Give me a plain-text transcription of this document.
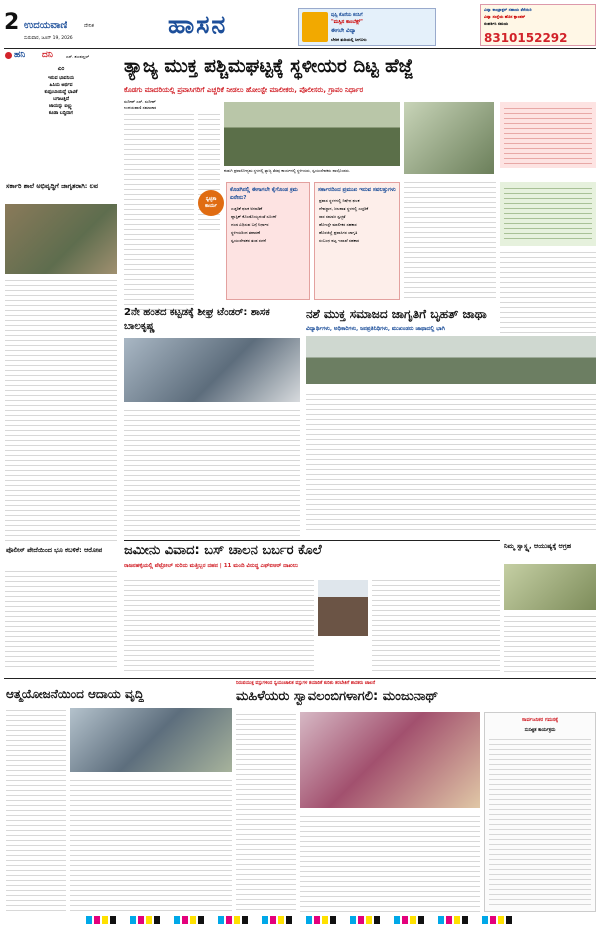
2 ಉದಯವಾಣಿ	ದೇನಿಕ
ಸುರುವಾರ, ಜೂನ್ 19, 2026	ಹಾಸನ	ವುಸ್ಸಿ ಕೊನೆಯ ಕನಸಿಗೆ
"ಮಸ್ಸಿನ ಕಾಂಬೆಕ್ಸ್"
ಈಗಲೇ ವಿದ್ಯಾ
ಬೇರಿಕ ತುದಿಯಲ್ಲಿ ಸೀಗಬಳು
ವಿದ್ಯಾ ಕಾಂಟ್ರಾಕ್ಟರ್ ಸಹಾಯ ತೆರೆಯಿರಿ
ವಿದ್ಯಾ ಸಂಸ್ಥೆಯ ಹೊಸ ಕ್ಯಾಂಪಸ್
ಸಂಪರ್ಕಿಸಿ ಸಮಯ
8310152292
ಹನಿ ದನಿ	ಎಸ್. ಶುಂಠಣ್ಣಲ್
ಎಂ
ಇರುವ ಭಾವನಿಯ
ಹಿಸಿಯ ಅರ್ಥವ
ಕುಪ್ಪಂಬಾಯಿದ್ದೆ ಭಾವಿಕೆ
ಬಗಾಟತ್ತಿದೆ
ಜಾಯನ್ನು ಐಲ್ಲ್ಮು
ಕೂಡಾ ಬದ್ದಿದಾಗ
ಸರ್ಕಾರಿ ಶಾಲೆ ಅಭಿವೃದ್ಧಿಗೆ ಜಾಗೃತರಾಗಿ: ಲವ
ಪೊಲೀಸ್ ಪೇದೆಯಿಂದ ಭೂ ಕಬಳಿಕೆ: ಆರೋಪ
ತ್ಯಾಜ್ಯ ಮುಕ್ತ ಪಶ್ಚಿಮಘಟ್ಟಕ್ಕೆ ಸ್ಥಳೀಯರ ದಿಟ್ಟ ಹೆಜ್ಜೆ
ಕೊಡಗು ಮಾದರಿಯಲ್ಲಿ ಪ್ರವಾಸಿಗರಿಗೆ ಎಚ್ಚರಿಕೆ ನೀಡಲು ಹೋಂಸ್ಟೇ ಮಾಲೀಕರು, ಪೊಲೀಸರು, ಗ್ರಾಪಂ ನಿರ್ಧಾರ
ಸುದೀಪ್ ಎಸ್. ಸುದೀಪ್
ಉದಯವಾಣಿ ಸಮಾಚಾರ
ಕುಡುಗಿ ಪ್ರವಾಸೋದ್ಯಮ ಸ್ಥಳದಲ್ಲಿ ತ್ಯಾಜ್ಯ ತೆರವು ಕಾರ್ಯದಲ್ಲಿ ಸ್ಥಳೀಯರು, ಸ್ವಯಂಸೇವಕರು ಪಾಲ್ಗೊಂಡರು.
ಸ್ವಚ್ಛತಾ
ಕಾರ್ಯ
ಕೊಡಗಿನಲ್ಲಿ ಈಗಾಗಲೇ ಕೈಗೊಂಡ ಕ್ರಮ ಏನೇನು?
ಎಚ್ಚರಿಕೆ ಫಲಕ ಅಳವಡಿಕೆ
ಪ್ಲಾಸ್ಟಿಕ್ ಕೊಂಡೊಯ್ಯದಂತೆ ಸೂಚನೆ
ದಂಡ ವಿಧಿಸುವ ಬಗ್ಗೆ ನಿರ್ಧಾರ
ಸ್ಥಳೀಯರಿಂದ ತಪಾಸಣೆ
ಸ್ವಯಂಸೇವಕರ ತಂಡ ರಚನೆ
ಸರ್ಕಾರದಿಂದ ಪ್ರಮುಖ ಇರುವ ಸವಲತ್ತುಗಳು
ಪ್ರವಾಸ ಸ್ಥಳಗಳಲ್ಲಿ ನಿಷೇಧ ಫಲಕ
ದೇವಸ್ಥಾನ, ಜಲಪಾತ ಸ್ಥಳದಲ್ಲಿ ಎಚ್ಚರಿಕೆ
ಸಾರ ಸಮಾಜ ಸ್ವಚ್ಛತೆ
ಹೋಂಸ್ಟೇ ಮಾಲೀಕರ ಸಹಕಾರ
ಹೊರಜಿಲ್ಲೆ ಪ್ರವಾಸಿಗರ ಜಾಗೃತಿ
ಸಂಬಂಧ ಪಟ್ಟ ಇಲಾಖೆ ಸಹಕಾರ
2ನೇ ಹಂತದ ಕಟ್ಟಡಕ್ಕೆ ಶೀಘ್ರ ಟೆಂಡರ್: ಶಾಸಕ ಬಾಲಕೃಷ್ಣ
ನಶೆ ಮುಕ್ತ ಸಮಾಜದ ಜಾಗೃತಿಗೆ ಬೃಹತ್ ಜಾಥಾ
ವಿದ್ಯಾರ್ಥಿಗಳು, ಅಧಿಕಾರಿಗಳು, ಜನಪ್ರತಿನಿಧಿಗಳು, ಮುಖಂಡರು ಜಾಥಾದಲ್ಲಿ ಭಾಗಿ
ಜಮೀನು ವಿವಾದ: ಬಸ್ ಚಾಲನ ಬರ್ಬರ ಕೊಲೆ
ರಾಜನಹಳ್ಳಿಯಲ್ಲಿ ಪೆಟ್ರೋಲ್ ಸುರಿದು ಮತ್ತಿಬ್ಬರ ದಹನ | 11 ಮಂದಿ ವಿರುದ್ಧ ಎಫ್ಐಆರ್ ದಾಖಲು
ನಿಮ್ಮ ಸ್ವಾಸ್ಥ್ಯ, ಆಯುಷ್ಯಕ್ಕೆ ಆಗ್ರಹ
ಆತ್ಮಯೋಜನೆಯಿಂದ ಆದಾಯ ವೃದ್ಧಿ
ನಿರುಪಯುಕ್ತ ವಸ್ತುಗಳಿಂದ ಸ್ವಯಂಚಾಲಿತ ವಸ್ತುಗಳ ತಯಾರಿಕೆ ಕುರಿತು ತರಬೇತಿಗೆ ಶಾಸಕರು ಚಾಲನೆ
ಮಹಿಳೆಯರು ಸ್ವಾವಲಂಬಿಗಳಾಗಲಿ: ಮಂಜುನಾಥ್
ಸಾರ್ವಜನಿಕರ ಗಮನಕ್ಕೆ
ಸುಸಜ್ಜಿತ ಕಾರ್ಯಕ್ರಮ
